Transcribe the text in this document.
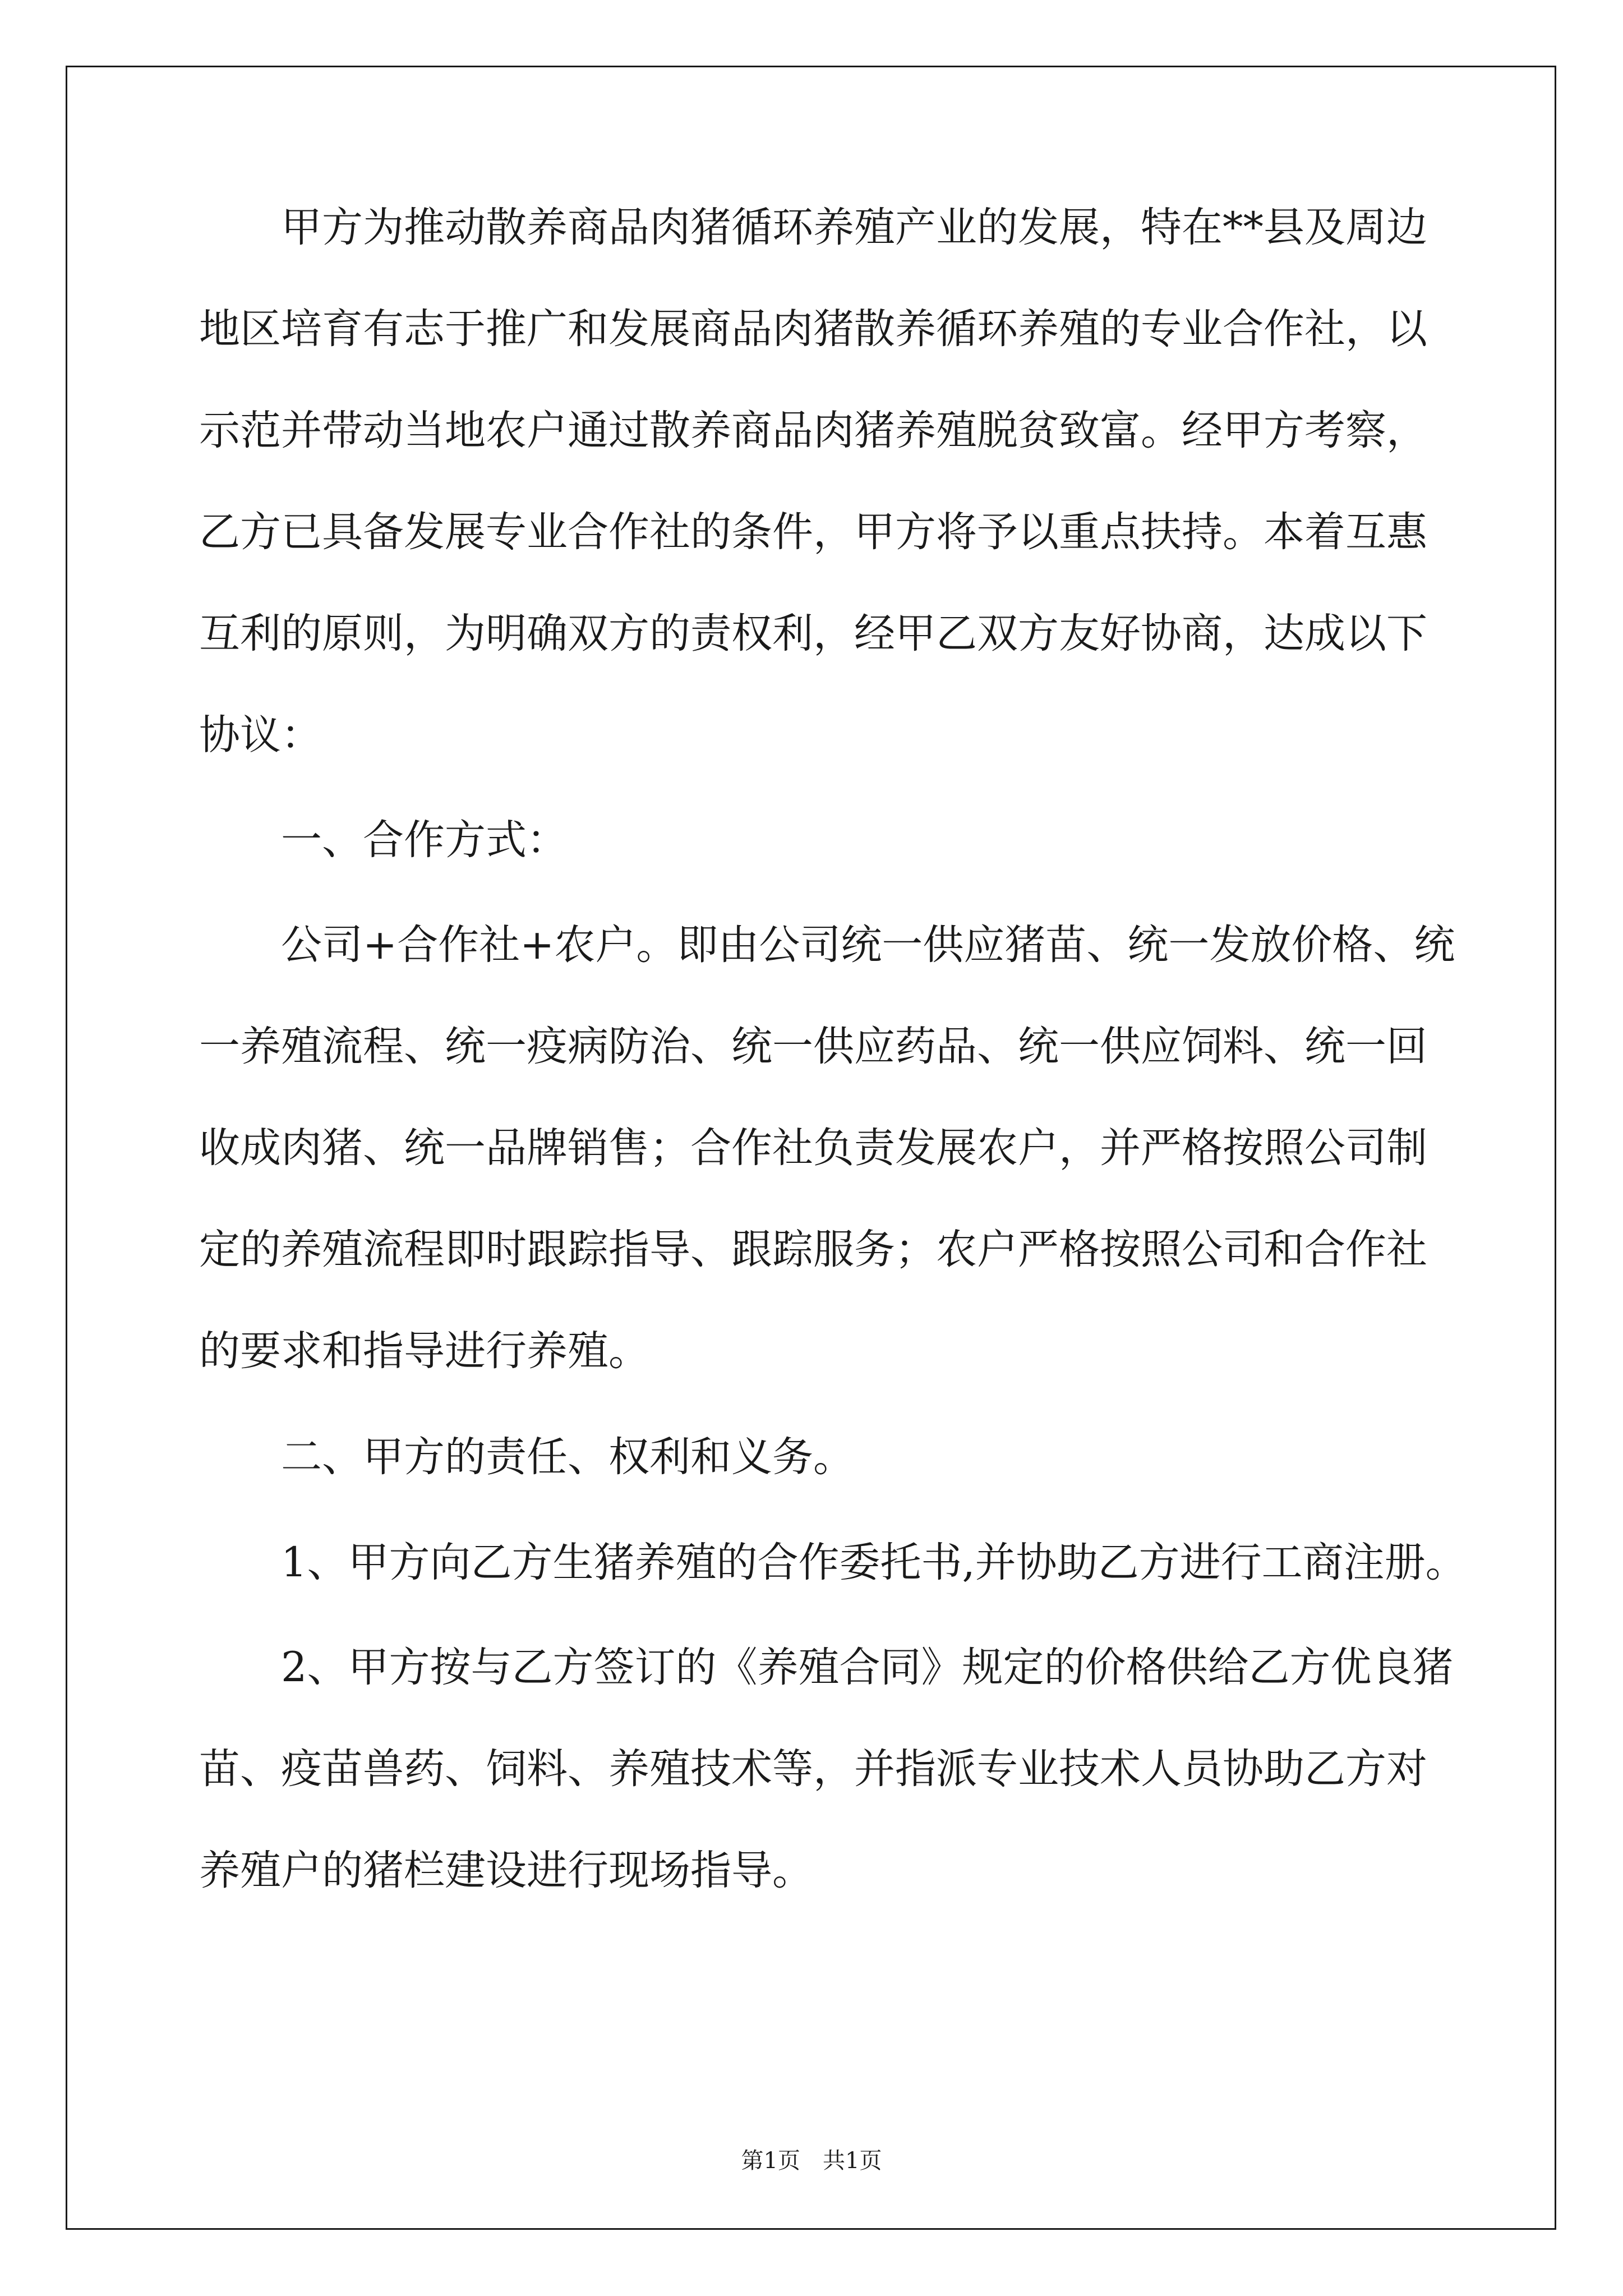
　　甲方为推动散养商品肉猪循环养殖产业的发展，特在**县及周边
地区培育有志于推广和发展商品肉猪散养循环养殖的专业合作社，以
示范并带动当地农户通过散养商品肉猪养殖脱贫致富。经甲方考察，
乙方已具备发展专业合作社的条件，甲方将予以重点扶持。本着互惠
互利的原则，为明确双方的责权利，经甲乙双方友好协商，达成以下
协议：
　　一、合作方式：
　　公司+合作社+农户。即由公司统一供应猪苗、统一发放价格、统
一养殖流程、统一疫病防治、统一供应药品、统一供应饲料、统一回
收成肉猪、统一品牌销售；合作社负责发展农户，并严格按照公司制
定的养殖流程即时跟踪指导、跟踪服务；农户严格按照公司和合作社
的要求和指导进行养殖。
　　二、甲方的责任、权利和义务。
　　1、甲方向乙方生猪养殖的合作委托书,并协助乙方进行工商注册。
　　2、甲方按与乙方签订的《养殖合同》规定的价格供给乙方优良猪
苗、疫苗兽药、饲料、养殖技术等，并指派专业技术人员协助乙方对
养殖户的猪栏建设进行现场指导。
第1页　共1页
